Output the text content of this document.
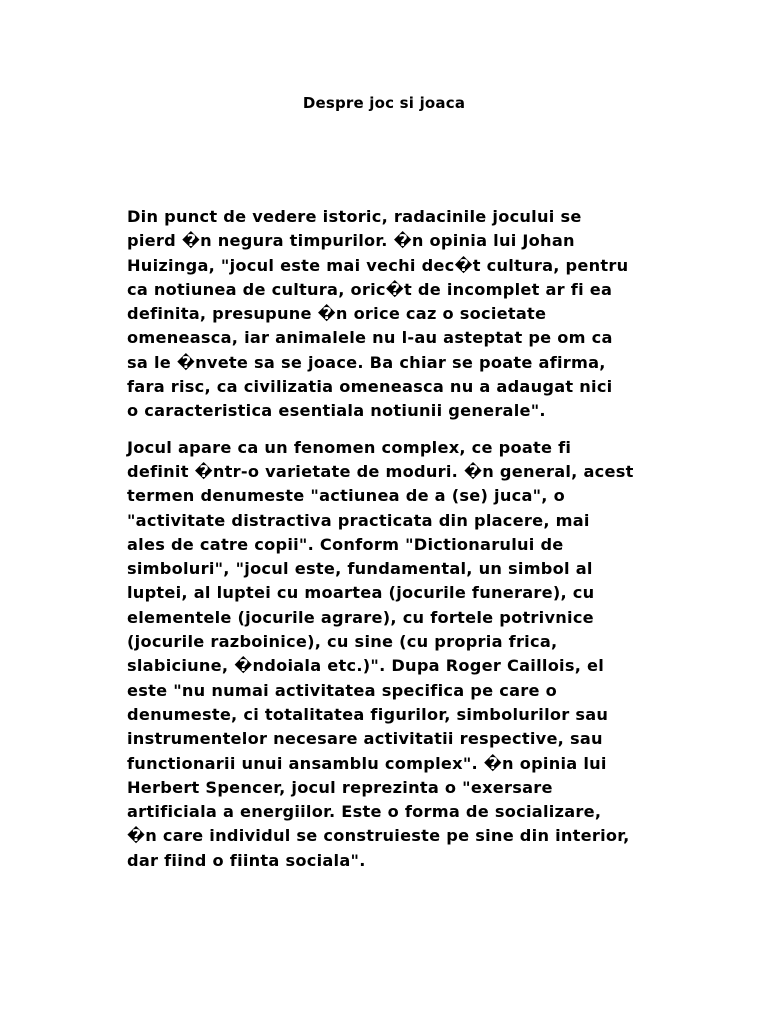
Despre joc si joaca

Din punct de vedere istoric, radacinile jocului se
pierd �n negura timpurilor. �n opinia lui Johan
Huizinga, "jocul este mai vechi dec�t cultura, pentru
ca notiunea de cultura, oric�t de incomplet ar fi ea
definita, presupune �n orice caz o societate
omeneasca, iar animalele nu l-au asteptat pe om ca
sa le �nvete sa se joace. Ba chiar se poate afirma,
fara risc, ca civilizatia omeneasca nu a adaugat nici
o caracteristica esentiala notiunii generale".

Jocul apare ca un fenomen complex, ce poate fi
definit �ntr-o varietate de moduri. �n general, acest
termen denumeste "actiunea de a (se) juca", o
"activitate distractiva practicata din placere, mai
ales de catre copii". Conform "Dictionarului de
simboluri", "jocul este, fundamental, un simbol al
luptei, al luptei cu moartea (jocurile funerare), cu
elementele (jocurile agrare), cu fortele potrivnice
(jocurile razboinice), cu sine (cu propria frica,
slabiciune, �ndoiala etc.)". Dupa Roger Caillois, el
este "nu numai activitatea specifica pe care o
denumeste, ci totalitatea figurilor, simbolurilor sau
instrumentelor necesare activitatii respective, sau
functionarii unui ansamblu complex". �n opinia lui
Herbert Spencer, jocul reprezinta o "exersare
artificiala a energiilor. Este o forma de socializare,
�n care individul se construieste pe sine din interior,
dar fiind o fiinta sociala".
